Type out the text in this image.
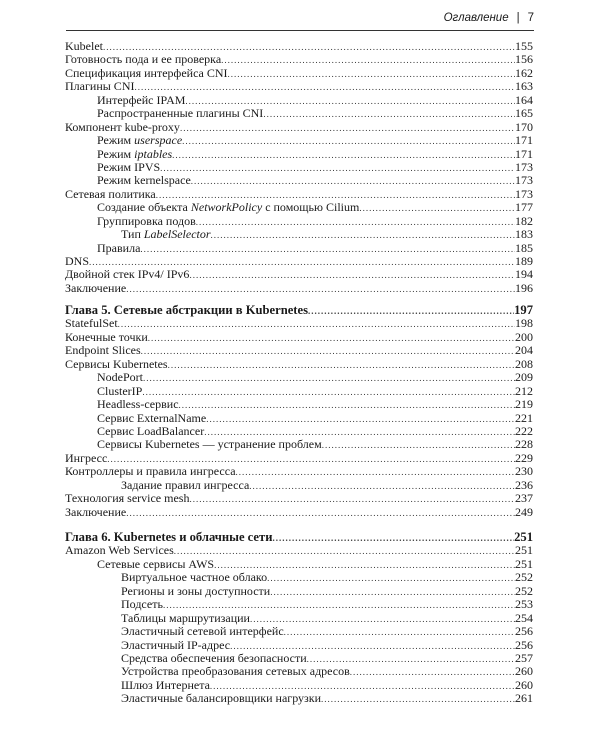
Оглавление | 7
Kubelet .....	155
Готовность пода и ее проверка .....	156
Спецификация интерфейса CNI .....	162
Плагины CNI .....	163
Интерфейс IPAM .....	164
Распространенные плагины CNI .....	165
Компонент kube-proxy .....	170
Режим userspace .....	171
Режим iptables .....	171
Режим IPVS .....	173
Режим kernelspace .....	173
Сетевая политика .....	173
Создание объекта NetworkPolicy с помощью Cilium .....	177
Группировка подов .....	182
Тип LabelSelector .....	183
Правила .....	185
DNS .....	189
Двойной стек IPv4/ IPv6 .....	194
Заключение .....	196
Глава 5. Сетевые абстракции в Kubernetes .....	197
StatefulSet .....	198
Конечные точки .....	200
Endpoint Slices .....	204
Сервисы Kubernetes .....	208
NodePort .....	209
ClusterIP .....	212
Headless-сервис .....	219
Сервис ExternalName .....	221
Сервис LoadBalancer .....	222
Сервисы Kubernetes — устранение проблем .....	228
Ингресс .....	229
Контроллеры и правила ингресса .....	230
Задание правил ингресса .....	236
Технология service mesh .....	237
Заключение .....	249
Глава 6. Kubernetes и облачные сети .....	251
Amazon Web Services .....	251
Сетевые сервисы AWS .....	251
Виртуальное частное облако .....	252
Регионы и зоны доступности .....	252
Подсеть .....	253
Таблицы маршрутизации .....	254
Эластичный сетевой интерфейс .....	256
Эластичный IP-адрес .....	256
Средства обеспечения безопасности .....	257
Устройства преобразования сетевых адресов .....	260
Шлюз Интернета .....	260
Эластичные балансировщики нагрузки .....	261
